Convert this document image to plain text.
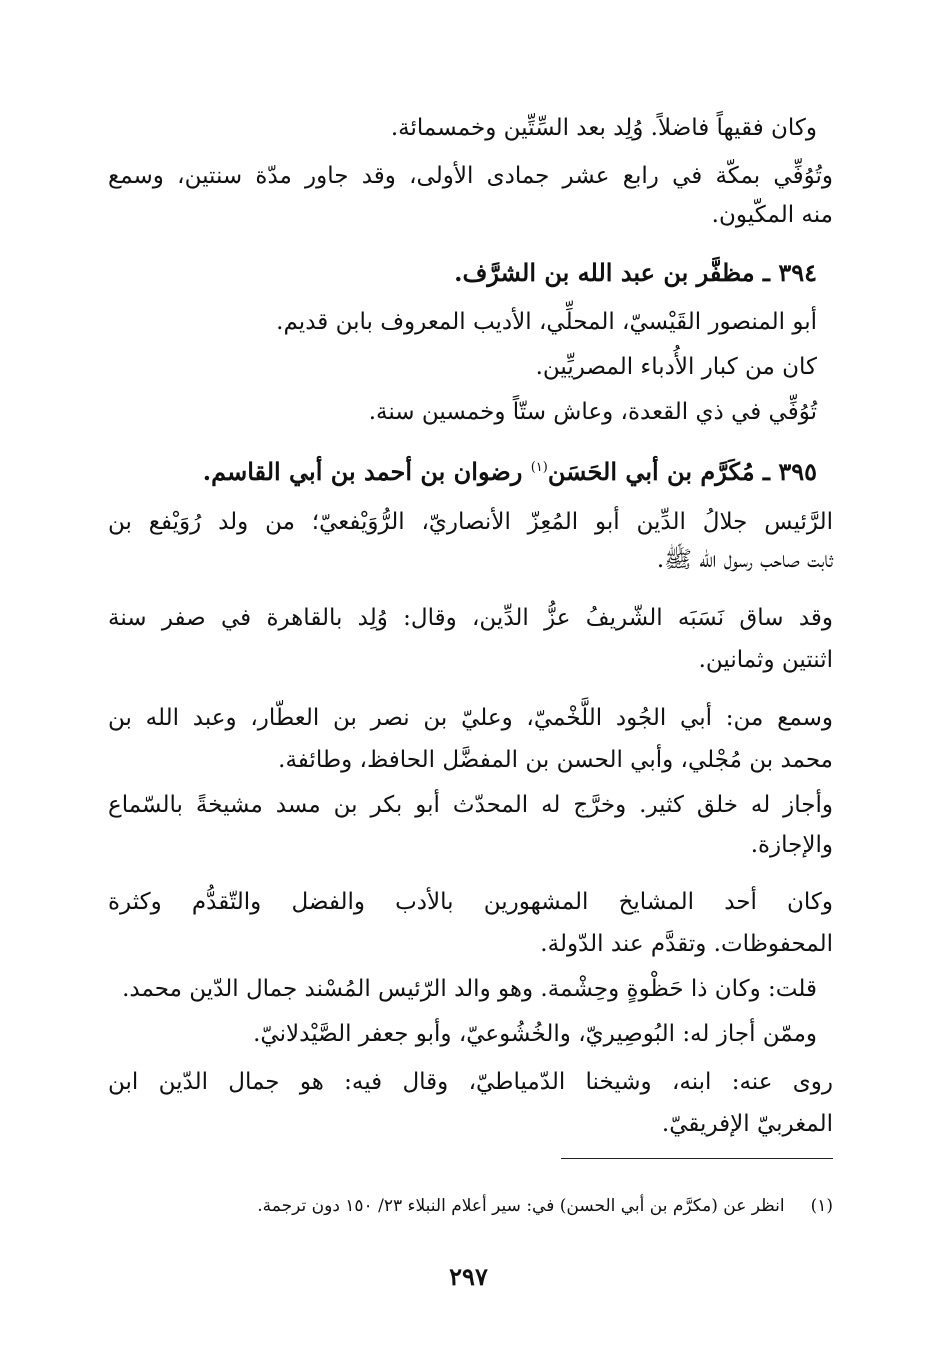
وكان فقيهاً فاضلاً. وُلِد بعد السِّتِّين وخمسمائة.
وتُوُفِّي بمكّة في رابع عشر جمادى الأولى، وقد جاور مدّة سنتين، وسمع
منه المكّيون.
٣٩٤ ـ مظفَّر بن عبد الله بن الشرَّف.
أبو المنصور القَيْسيّ، المحلِّي، الأديب المعروف بابن قديم.
كان من كبار الأُدباء المصريِّين.
تُوُفِّي في ذي القعدة، وعاش ستّاً وخمسين سنة.
٣٩٥ ـ مُكَرَّم بن أبي الحَسَن$^{(١)}$ رضوان بن أحمد بن أبي القاسم.
الرَّئيس جلالُ الدِّين أبو المُعِزّ الأنصاريّ، الرُّوَيْفعيّ؛ من ولد رُوَيْفع بن
ثابت صاحب رسول الله ﷺ.
وقد ساق نَسَبَه الشّريفُ عزُّ الدِّين، وقال: وُلِد بالقاهرة في صفر سنة
اثنتين وثمانين.
وسمع من: أبي الجُود اللَّخْميّ، وعليّ بن نصر بن العطّار، وعبد الله بن
محمد بن مُجْلي، وأبي الحسن بن المفضَّل الحافظ، وطائفة.
وأجاز له خلق كثير. وخرَّج له المحدّث أبو بكر بن مسد مشيخةً بالسّماع
والإجازة.
وكان أحد المشايخ المشهورين بالأدب والفضل والتّقدُّم وكثرة
المحفوظات. وتقدَّم عند الدّولة.
قلت: وكان ذا حَظْوةٍ وحِشْمة. وهو والد الرّئيس المُسْند جمال الدّين محمد.
وممّن أجاز له: البُوصِيريّ، والخُشُوعيّ، وأبو جعفر الصَّيْدلانيّ.
روى عنه: ابنه، وشيخنا الدّمياطيّ، وقال فيه: هو جمال الدّين ابن
المغربيّ الإفريقيّ.
(١)انظر عن (مكرَّم بن أبي الحسن) في: سير أعلام النبلاء ٢٣/ ١٥٠ دون ترجمة.
٢٩٧
